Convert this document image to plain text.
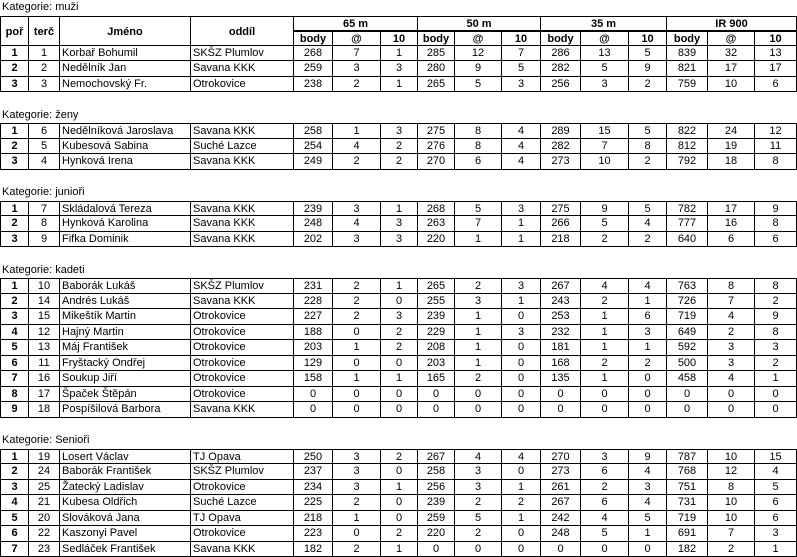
Kategorie: muži
poř terč	Jméno	oddíl
65 m
body	@	10
50 m
body	@	10
35 m
body	@	10
IR 900
body	@	10
1	1	Korbař Bohumil	SKŠZ Plumlov	268	7	1	285	12	7	286	13	5	839	32	13
2	2	Nedělník Jan	Savana KKK	259	3	3	280	9	5	282	5	9	821	17	17
3	3	Nemochovský Fr.	Otrokovice	238	2	1	265	5	3	256	3	2	759	10	6
Kategorie: ženy
1	6	Nedělníková Jaroslava	Savana KKK	258	1	3	275	8	4	289	15	5	822	24	12
2	5	Kubesová Sabina	Suché Lazce	254	4	2	276	8	4	282	7	8	812	19	11
3	4	Hynková Irena	Savana KKK	249	2	2	270	6	4	273	10	2	792	18	8
Kategorie: junioři
1	7	Skládalová Tereza	Savana KKK	239	3	1	268	5	3	275	9	5	782	17	9
2	8	Hynková Karolina	Savana KKK	248	4	3	263	7	1	266	5	4	777	16	8
3	9	Fifka Dominik	Savana KKK	202	3	3	220	1	1	218	2	2	640	6	6
Kategorie: kadeti
1	10	Baborák Lukáš	SKŠZ Plumlov	231	2	1	265	2	3	267	4	4	763	8	8
2	14	Andrés Lukáš	Savana KKK	228	2	0	255	3	1	243	2	1	726	7	2
3	15	Mikeštík Martin	Otrokovice	227	2	3	239	1	0	253	1	6	719	4	9
4	12	Hajný Martin	Otrokovice	188	0	2	229	1	3	232	1	3	649	2	8
5	13	Máj František	Otrokovice	203	1	2	208	1	0	181	1	1	592	3	3
6	11	Fryštacký Ondřej	Otrokovice	129	0	0	203	1	0	168	2	2	500	3	2
7	16	Soukup Jiří	Otrokovice	158	1	1	165	2	0	135	1	0	458	4	1
8	17	Špaček Štěpán	Otrokovice	0	0	0	0	0	0	0	0	0	0	0	0
9	18	Pospíšilová Barbora	Savana KKK	0	0	0	0	0	0	0	0	0	0	0	0
Kategorie: Senioři
1	19	Losert Václav	TJ Opava	250	3	2	267	4	4	270	3	9	787	10	15
2	24	Baborák František	SKŠZ Plumlov	237	3	0	258	3	0	273	6	4	768	12	4
3	25	Žatecký Ladislav	Otrokovice	234	3	1	256	3	1	261	2	3	751	8	5
4	21	Kubesa Oldřich	Suché Lazce	225	2	0	239	2	2	267	6	4	731	10	6
5	20	Slováková Jana	TJ Opava	218	1	0	259	5	1	242	4	5	719	10	6
6	22	Kaszonyi Pavel	Otrokovice	223	0	2	220	2	0	248	5	1	691	7	3
7	23	Sedláček František	Savana KKK	182	2	1	0	0	0	0	0	0	182	2	1
